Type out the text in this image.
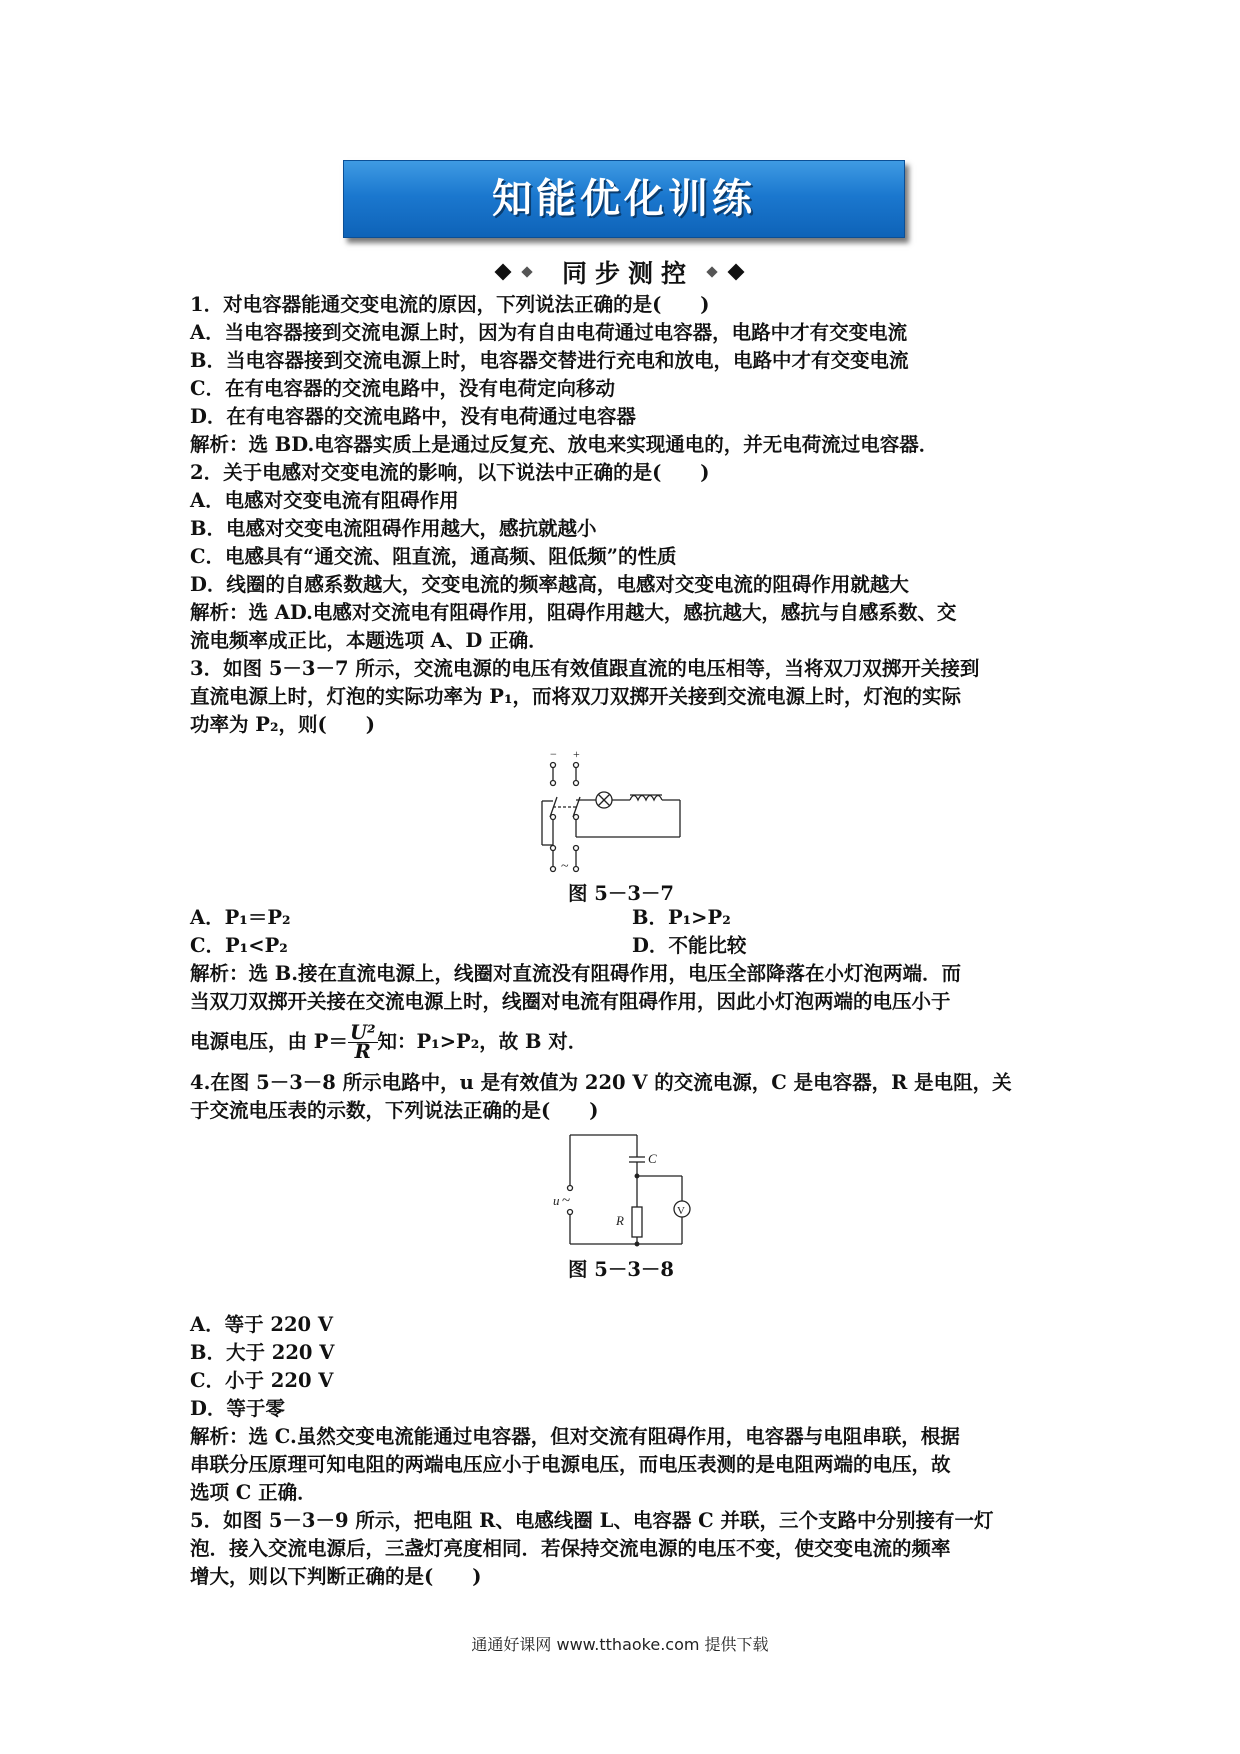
知能优化训练
同步测控
1．对电容器能通交变电流的原因，下列说法正确的是(　　)
A．当电容器接到交流电源上时，因为有自由电荷通过电容器，电路中才有交变电流
B．当电容器接到交流电源上时，电容器交替进行充电和放电，电路中才有交变电流
C．在有电容器的交流电路中，没有电荷定向移动
D．在有电容器的交流电路中，没有电荷通过电容器
解析：选 BD.电容器实质上是通过反复充、放电来实现通电的，并无电荷流过电容器．
2．关于电感对交变电流的影响，以下说法中正确的是(　　)
A．电感对交变电流有阻碍作用
B．电感对交变电流阻碍作用越大，感抗就越小
C．电感具有“通交流、阻直流，通高频、阻低频”的性质
D．线圈的自感系数越大，交变电流的频率越高，电感对交变电流的阻碍作用就越大
解析：选 AD.电感对交流电有阻碍作用，阻碍作用越大，感抗越大，感抗与自感系数、交
流电频率成正比，本题选项 A、D 正确．
3．如图 5－3－7 所示，交流电源的电压有效值跟直流的电压相等，当将双刀双掷开关接到
直流电源上时，灯泡的实际功率为 P₁，而将双刀双掷开关接到交流电源上时，灯泡的实际
功率为 P₂，则(　　)
− +
~
图 5－3－7
A．P₁＝P₂	B．P₁>P₂
C．P₁<P₂	D．不能比较
解析：选 B.接在直流电源上，线圈对直流没有阻碍作用，电压全部降落在小灯泡两端．而
当双刀双掷开关接在交流电源上时，线圈对电流有阻碍作用，因此小灯泡两端的电压小于
电源电压，由 $P= \frac{\text{U²}}{R}$ 知：P₁>P₂，故 B 对．
4.在图 5－3－8 所示电路中，u 是有效值为 220 V 的交流电源，C 是电容器，R 是电阻，关
于交流电压表的示数，下列说法正确的是(　　)
C
V
R
u ~
图 5－3－8
A．等于 220 V
B．大于 220 V
C．小于 220 V
D．等于零
解析：选 C.虽然交变电流能通过电容器，但对交流有阻碍作用，电容器与电阻串联，根据
串联分压原理可知电阻的两端电压应小于电源电压，而电压表测的是电阻两端的电压，故
选项 C 正确．
5．如图 5－3－9 所示，把电阻 R、电感线圈 L、电容器 C 并联，三个支路中分别接有一灯
泡．接入交流电源后，三盏灯亮度相同．若保持交流电源的电压不变，使交变电流的频率
增大，则以下判断正确的是(　　)
通通好课网 www.tthaoke.com 提供下载
